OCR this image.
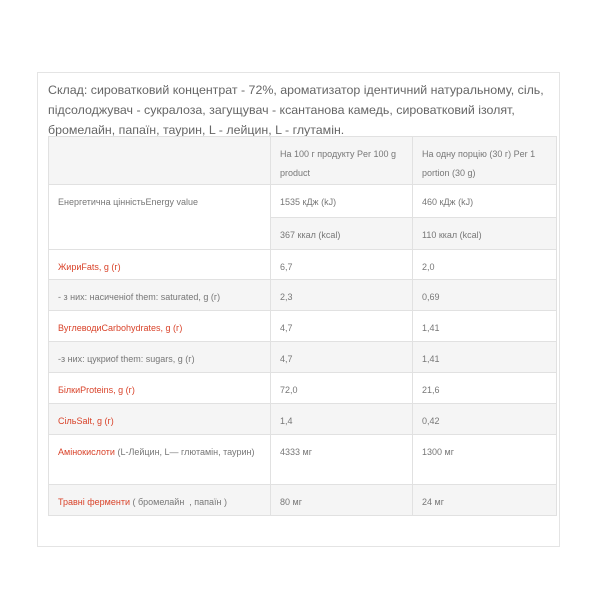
Склад: сироватковий концентрат - 72%, ароматизатор ідентичний натуральному, сіль,

підсолоджувач - сукралоза, загущувач - ксантанова камедь, сироватковий ізолят,

бромелайн, папаїн, таурин, L - лейцин, L - глутамін.

	На 100 г продукту Per 100 g product	На одну порцію (30 г) Per 1 portion (30 g)
Енергетична цінністьEnergy value	1535 кДж (kJ)	460 кДж (kJ)
	367 ккал (kcal)	110 ккал (kcal)
ЖириFats, g (г)	6,7	2,0
- з них: насиченіof them: saturated, g (г)	2,3	0,69
ВуглеводиCarbohydrates, g (г)	4,7	1,41
-з них: цукриof them: sugars, g (г)	4,7	1,41
БілкиProteins, g (г)	72,0	21,6
СільSalt, g (г)	1,4	0,42
Амінокислоти (L-Лейцин, L— глютамін, таурин)	4333 мг	1300 мг
Травні ферменти ( бромелайн  , папаїн )	80 мг	24 мг
